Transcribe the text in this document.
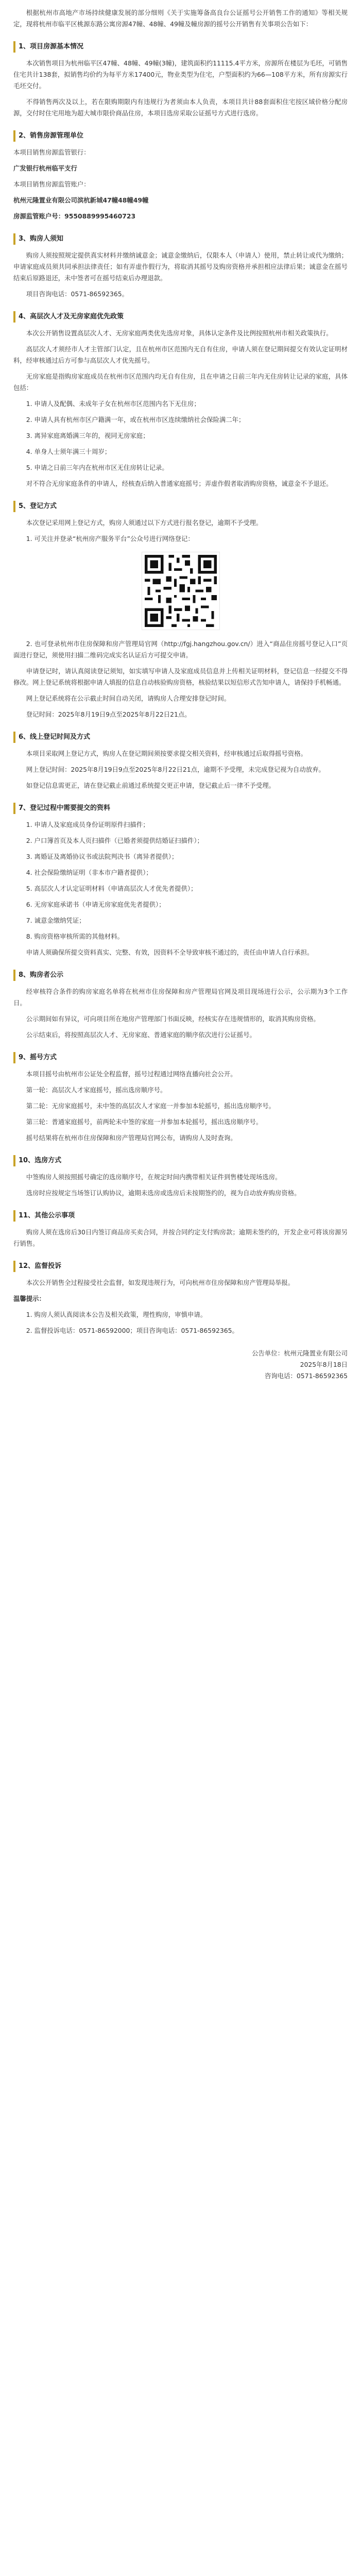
根据杭州市高地产市场持续健康发展的部分细则《关于实施筹备高良台公证摇号公开销售工作的通知》等相关规定，现将杭州市临平区桃源东路公寓房源47幢、48幢、49幢及幢房源的摇号公开销售有关事项公告如下：

1、项目房源基本情况

本次销售项目为杭州临平区47幢、48幢、49幢(3幢)，建筑面积约11115.4平方米，房源所在楼层为毛坯，可销售住宅共计138套，拟销售均价约为每平方米17400元，物业类型为住宅，户型面积约为66—108平方米，所有房源实行毛坯交付。

不得销售两次及以上，若在限购期限内有违规行为者须由本人负责，本项目共计88套面积住宅按区域价格分配房源，交付时住宅用地为超大城市限价商品住房，本项目选房采取公证摇号方式进行选房。

2、销售房源管理单位

本项目销售房源监管银行：

广发银行杭州临平支行

本项目销售房源监管账户：

杭州元隆置业有限公司滨杭新城47幢48幢49幢

房源监管账户号：9550889995460723

3、购房人须知

购房人须按照规定提供真实材料并缴纳诚意金；诚意金缴纳后，仅限本人（申请人）使用，禁止转让或代为缴纳；申请家庭成员须共同承担法律责任；如有弄虚作假行为，将取消其摇号及购房资格并承担相应法律后果；诚意金在摇号结束后原路退还，未中签者可在摇号结束后办理退款。

项目咨询电话：0571-86592365。

4、高层次人才及无房家庭优先政策

本次公开销售设置高层次人才、无房家庭两类优先选房对象，具体认定条件及比例按照杭州市相关政策执行。

高层次人才须经市人才主管部门认定，且在杭州市区范围内无自有住房，申请人须在登记期间提交有效认定证明材料，经审核通过后方可参与高层次人才优先摇号。

无房家庭是指购房家庭成员在杭州市区范围内均无自有住房，且在申请之日前三年内无住房转让记录的家庭，具体包括：

1. 申请人及配偶、未成年子女在杭州市区范围内名下无住房；

2. 申请人具有杭州市区户籍满一年，或在杭州市区连续缴纳社会保险满二年；

3. 离异家庭离婚满三年的，视同无房家庭；

4. 单身人士须年满三十周岁；

5. 申请之日前三年内在杭州市区无住房转让记录。

对不符合无房家庭条件的申请人，经核查后纳入普通家庭摇号；弄虚作假者取消购房资格，诚意金不予退还。

5、登记方式

本次登记采用网上登记方式，购房人须通过以下方式进行报名登记，逾期不予受理。

1. 可关注并登录“杭州房产服务平台”公众号进行网络登记：

2. 也可登录杭州市住房保障和房产管理局官网（http://fgj.hangzhou.gov.cn/）进入“商品住房摇号登记入口”页面进行登记，须使用扫描二维码完成实名认证后方可提交申请。

申请登记时，请认真阅读登记须知，如实填写申请人及家庭成员信息并上传相关证明材料，登记信息一经提交不得修改。网上登记系统将根据申请人填报的信息自动核验购房资格，核验结果以短信形式告知申请人，请保持手机畅通。

网上登记系统将在公示截止时间自动关闭，请购房人合理安排登记时间。

登记时间：2025年8月19日9点至2025年8月22日21点。

6、线上登记时间及方式

本项目采取网上登记方式，购房人在登记期间须按要求提交相关资料，经审核通过后取得摇号资格。

网上登记时间：2025年8月19日9点至2025年8月22日21点，逾期不予受理，未完成登记视为自动放弃。

如登记信息需更正，请在登记截止前通过系统提交更正申请，登记截止后一律不予受理。

7、登记过程中需要提交的资料

1. 申请人及家庭成员身份证明原件扫描件；

2. 户口簿首页及本人页扫描件（已婚者须提供结婚证扫描件）；

3. 离婚证及离婚协议书或法院判决书（离异者提供）；

4. 社会保险缴纳证明（非本市户籍者提供）；

5. 高层次人才认定证明材料（申请高层次人才优先者提供）；

6. 无房家庭承诺书（申请无房家庭优先者提供）；

7. 诚意金缴纳凭证；

8. 购房资格审核所需的其他材料。

申请人须确保所提交资料真实、完整、有效，因资料不全导致审核不通过的，责任由申请人自行承担。

8、购房者公示

经审核符合条件的购房家庭名单将在杭州市住房保障和房产管理局官网及项目现场进行公示，公示期为3个工作日。

公示期间如有异议，可向项目所在地房产管理部门书面反映，经核实存在违规情形的，取消其购房资格。

公示结束后，将按照高层次人才、无房家庭、普通家庭的顺序依次进行公证摇号。

9、摇号方式

本项目摇号由杭州市公证处全程监督，摇号过程通过网络直播向社会公开。

第一轮：高层次人才家庭摇号，摇出选房顺序号。

第二轮：无房家庭摇号，未中签的高层次人才家庭一并参加本轮摇号，摇出选房顺序号。

第三轮：普通家庭摇号，前两轮未中签的家庭一并参加本轮摇号，摇出选房顺序号。

摇号结果将在杭州市住房保障和房产管理局官网公布，请购房人及时查询。

10、选房方式

中签购房人须按照摇号确定的选房顺序号，在规定时间内携带相关证件到售楼处现场选房。

选房时应按规定当场签订认购协议，逾期未选房或选房后未按期签约的，视为自动放弃购房资格。

11、其他公示事项

购房人须在选房后30日内签订商品房买卖合同，并按合同约定支付购房款；逾期未签约的，开发企业可将该房源另行销售。

12、监督投诉

本次公开销售全过程接受社会监督，如发现违规行为，可向杭州市住房保障和房产管理局举报。

温馨提示：

1. 购房人须认真阅读本公告及相关政策，理性购房，审慎申请。

2. 监督投诉电话：0571-86592000；项目咨询电话：0571-86592365。

公告单位：杭州元隆置业有限公司
2025年8月18日
咨询电话：0571-86592365
